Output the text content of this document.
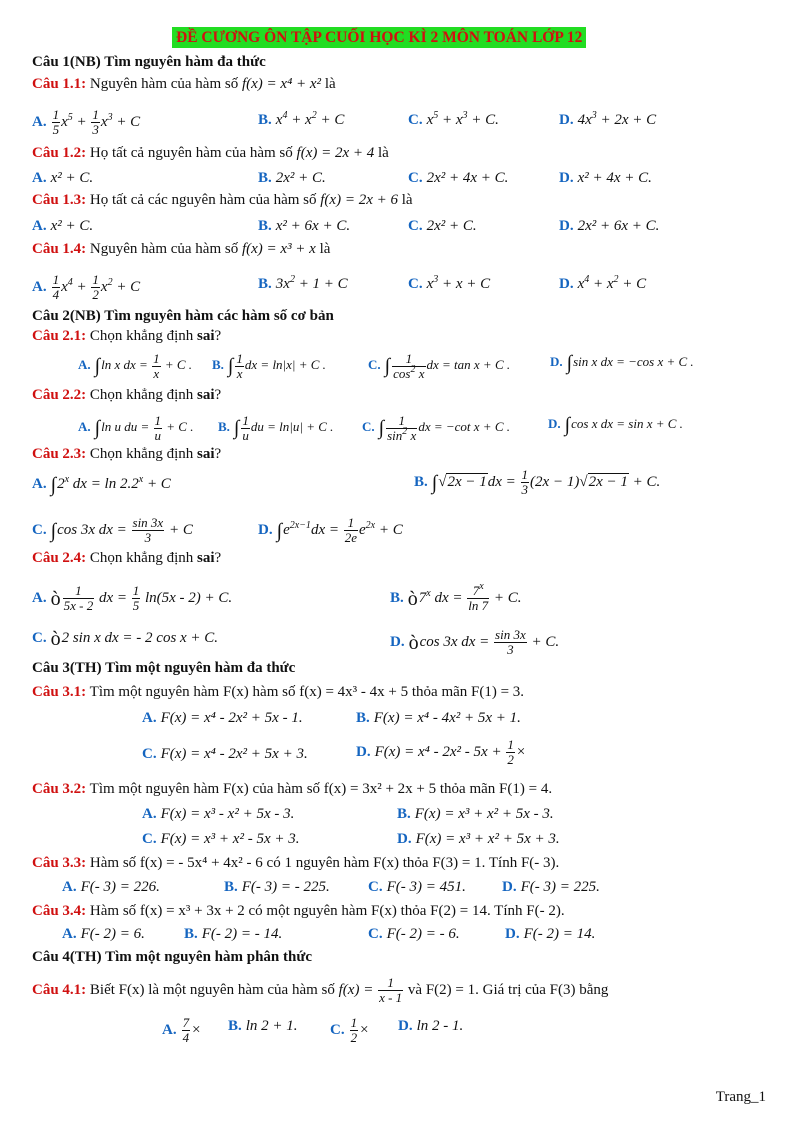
ĐỀ CƯƠNG ÔN TẬP CUỐI HỌC KÌ 2 MÔN TOÁN LỚP 12
Câu 1(NB) Tìm nguyên hàm đa thức
Câu 1.1: Nguyên hàm của hàm số f(x) = x⁴ + x² là
A. $\frac{1}{5} x^5 + \frac{1}{3} x^3 + C$	B. $x^4 + x^2 + C$	C. $x^5 + x^3 + C$.	D. $4x^3 + 2x + C$
Câu 1.2: Họ tất cả nguyên hàm của hàm số f(x) = 2x + 4 là
A. x² + C.	B. 2x² + C.	C. 2x² + 4x + C.	D. x² + 4x + C.
Câu 1.3: Họ tất cả các nguyên hàm của hàm số f(x) = 2x + 6 là
A. x² + C.	B. x² + 6x + C.	C. 2x² + C.	D. 2x² + 6x + C.
Câu 1.4: Nguyên hàm của hàm số f(x) = x³ + x là
A. $\frac{1}{4} x^4 + \frac{1}{2} x^2 + C$	B. $3x^2 + 1 + C$	C. $x^3 + x + C$	D. $x^4 + x^2 + C$
Câu 2(NB) Tìm nguyên hàm các hàm số cơ bản
Câu 2.1: Chọn khẳng định sai?
A. ∫ln x dx = $\frac{1}{x} + C$ . B. ∫ $\frac{1}{x}$ dx = ln|x| + C .	C. ∫ $\frac{1}{\cos^2 x}$ dx = tan x + C .	D. ∫sin x dx = −cos x + C .
Câu 2.2: Chọn khẳng định sai?
A. ∫ln u du = $\frac{1}{u} + C$ . B. ∫ $\frac{1}{u}$ du = ln|u| + C . C. ∫ $\frac{1}{\sin^2 x}$ dx = −cot x + C .	D. ∫cos x dx = sin x + C .
Câu 2.3: Chọn khẳng định sai?
A. ∫2$^x$ dx = $\ln 2.2^x + C$	B. $\int√2x - 1dx = \frac{1}{3} (2x - 1)√2x - 1 + C$.
C. ∫cos 3x dx = $\frac{\sin 3x}{3} + C$	D. $\int e^{2x-1}dx = \frac{1}{2e} e^{2x} + C$
Câu 2.4: Chọn khẳng định sai?
A. ò $\frac{1}{5x - 2}$ dx = $\frac{1}{5} \ln(5x - 2) + C$.	B. ò7$^x$ dx = $\frac{7^x}{\ln 7} + C$.
C. ò2 sin x dx = - 2 cos x + C.	D. òcos 3x dx = $\frac{\sin 3x}{3} + C$.
Câu 3(TH) Tìm một nguyên hàm đa thức
Câu 3.1: Tìm một nguyên hàm F(x) hàm số f(x) = 4x³ - 4x + 5 thỏa mãn F(1) = 3.
A. F(x) = x⁴ - 2x² + 5x - 1.	B. F(x) = x⁴ - 4x² + 5x + 1.
C. F(x) = x⁴ - 2x² + 5x + 3.	D. $F(x) = x^4 - 2x^2 - 5x + \frac{1}{2}$ ×
Câu 3.2: Tìm một nguyên hàm F(x) của hàm số f(x) = 3x² + 2x + 5 thỏa mãn F(1) = 4.
A. F(x) = x³ - x² + 5x - 3.	B. F(x) = x³ + x² + 5x - 3.
C. F(x) = x³ + x² - 5x + 3.	D. F(x) = x³ + x² + 5x + 3.
Câu 3.3: Hàm số f(x) = - 5x⁴ + 4x² - 6 có 1 nguyên hàm F(x) thỏa F(3) = 1. Tính F(- 3).
A. F(- 3) = 226.	B. F(- 3) = - 225.	C. F(- 3) = 451. D. F(- 3) = 225.
Câu 3.4: Hàm số f(x) = x³ + 3x + 2 có một nguyên hàm F(x) thỏa F(2) = 14. Tính F(- 2).
A. F(- 2) = 6.	B. F(- 2) = - 14.	C. F(- 2) = - 6.	D. F(- 2) = 14.
Câu 4(TH) Tìm một nguyên hàm phân thức
Câu 4.1: Biết F(x) là một nguyên hàm của hàm số $f(x) = \frac{1}{x - 1}$ và F(2) = 1. Giá trị của F(3) bằng
A. $\frac{7}{4} \times B$. ln 2 + 1. C. $\frac{1}{2} \times D$. ln 2 - 1.
Trang_1
